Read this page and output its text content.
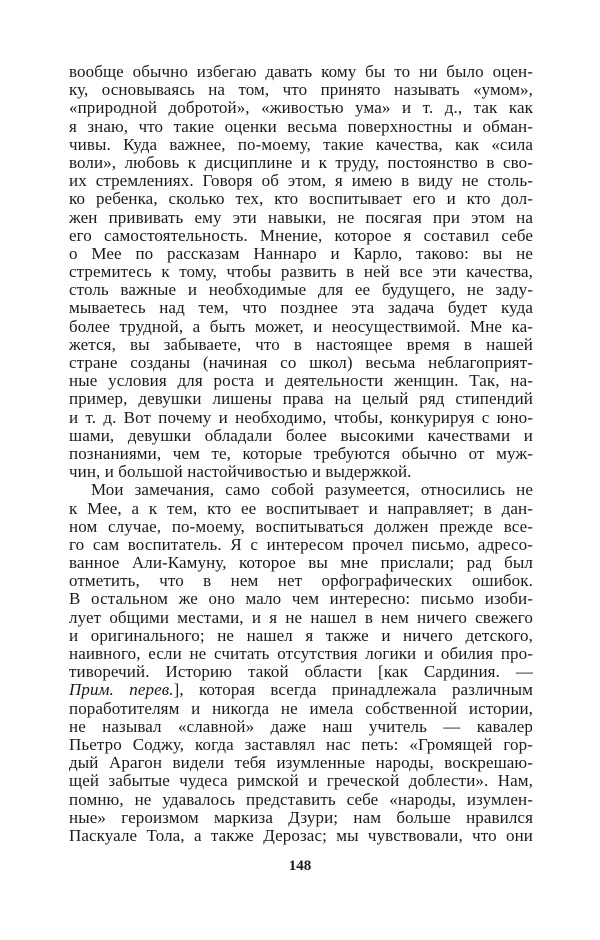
вообще обычно избегаю давать кому бы то ни было оцен-
ку, основываясь на том, что принято называть «умом»,
«природной добротой», «живостью ума» и т. д., так как
я знаю, что такие оценки весьма поверхностны и обман-
чивы. Куда важнее, по-моему, такие качества, как «сила
воли», любовь к дисциплине и к труду, постоянство в сво-
их стремлениях. Говоря об этом, я имею в виду не столь-
ко ребенка, сколько тех, кто воспитывает его и кто дол-
жен прививать ему эти навыки, не посягая при этом на
его самостоятельность. Мнение, которое я составил себе
о Мее по рассказам Наннаро и Карло, таково: вы не
стремитесь к тому, чтобы развить в ней все эти качества,
столь важные и необходимые для ее будущего, не заду-
мываетесь над тем, что позднее эта задача будет куда
более трудной, а быть может, и неосуществимой. Мне ка-
жется, вы забываете, что в настоящее время в нашей
стране созданы (начиная со школ) весьма неблагоприят-
ные условия для роста и деятельности женщин. Так, на-
пример, девушки лишены права на целый ряд стипендий
и т. д. Вот почему и необходимо, чтобы, конкурируя с юно-
шами, девушки обладали более высокими качествами и
познаниями, чем те, которые требуются обычно от муж-
чин, и большой настойчивостью и выдержкой.
Мои замечания, само собой разумеется, относились не
к Мее, а к тем, кто ее воспитывает и направляет; в дан-
ном случае, по-моему, воспитываться должен прежде все-
го сам воспитатель. Я с интересом прочел письмо, адресо-
ванное Али-Камуну, которое вы мне прислали; рад был
отметить, что в нем нет орфографических ошибок.
В остальном же оно мало чем интересно: письмо изоби-
лует общими местами, и я не нашел в нем ничего свежего
и оригинального; не нашел я также и ничего детского,
наивного, если не считать отсутствия логики и обилия про-
тиворечий. Историю такой области [как Сардиния. —
Прим. перев.], которая всегда принадлежала различным
поработителям и никогда не имела собственной истории,
не называл «славной» даже наш учитель — кавалер
Пьетро Соджу, когда заставлял нас петь: «Громящей гор-
дый Арагон видели тебя изумленные народы, воскрешаю-
щей забытые чудеса римской и греческой доблести». Нам,
помню, не удавалось представить себе «народы, изумлен-
ные» героизмом маркиза Дзури; нам больше нравился
Паскуале Тола, а также Дерозас; мы чувствовали, что они
148
